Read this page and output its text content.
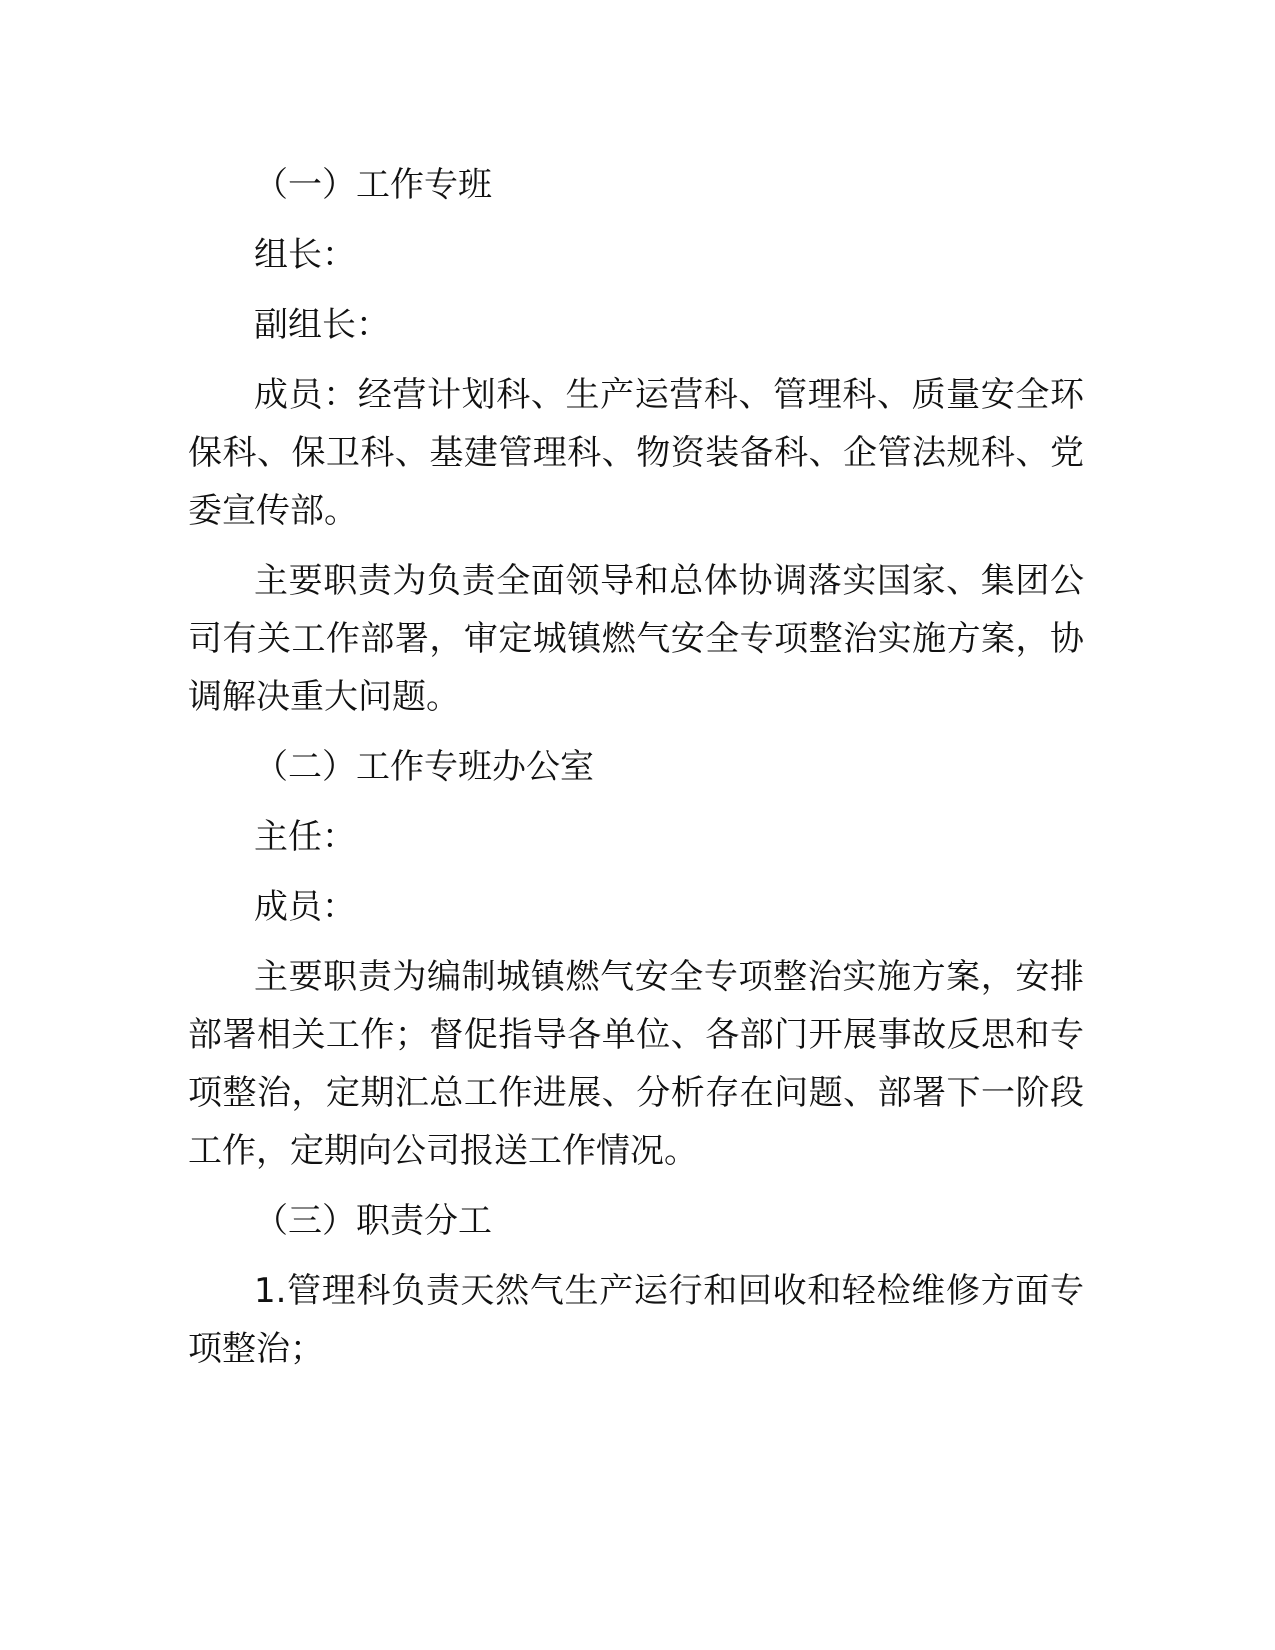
（一）工作专班

组长：

副组长：

成员：经营计划科、生产运营科、管理科、质量安全环保科、保卫科、基建管理科、物资装备科、企管法规科、党委宣传部。

主要职责为负责全面领导和总体协调落实国家、集团公司有关工作部署，审定城镇燃气安全专项整治实施方案，协调解决重大问题。

（二）工作专班办公室

主任：

成员：

主要职责为编制城镇燃气安全专项整治实施方案，安排部署相关工作；督促指导各单位、各部门开展事故反思和专项整治，定期汇总工作进展、分析存在问题、部署下一阶段工作，定期向公司报送工作情况。

（三）职责分工

1.管理科负责天然气生产运行和回收和轻检维修方面专项整治；
